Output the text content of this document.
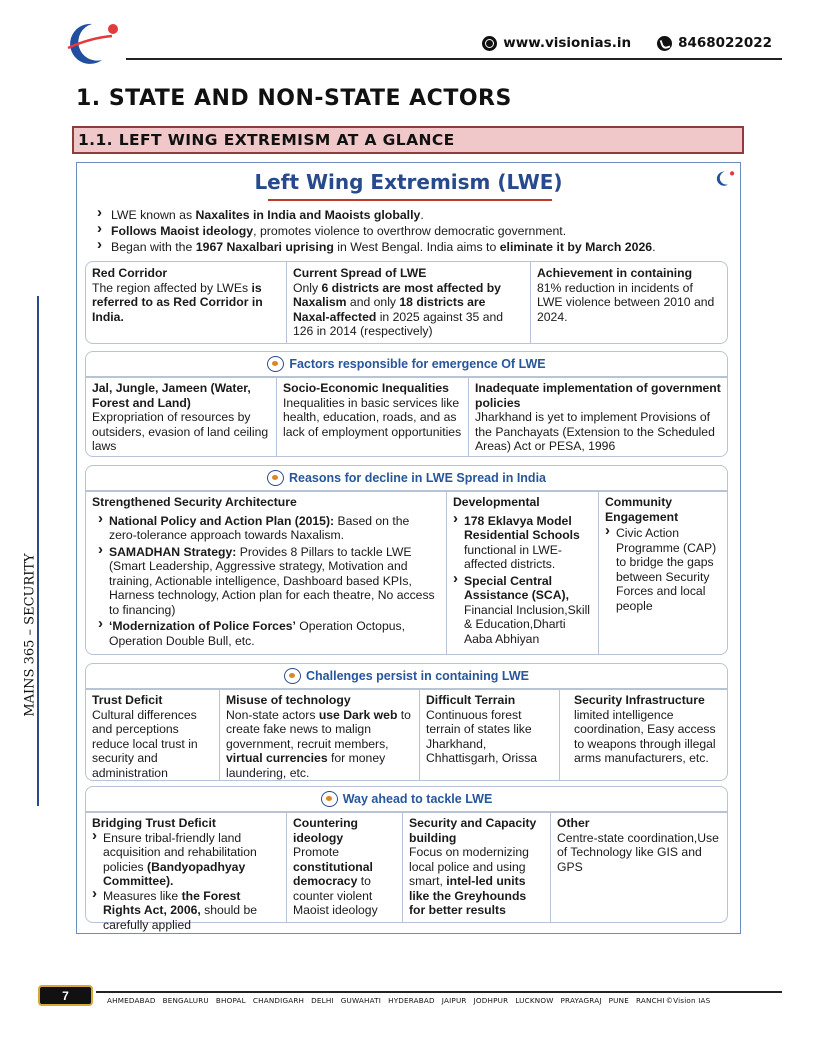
www.visionias.in	8468022022
MAINS 365 – SECURITY
1. STATE AND NON-STATE ACTORS
1.1. LEFT WING EXTREMISM AT A GLANCE
Left Wing Extremism (LWE)
› LWE known as Naxalites in India and Maoists globally.
› Follows Maoist ideology, promotes violence to overthrow democratic government.
› Began with the 1967 Naxalbari uprising in West Bengal. India aims to eliminate it by March 2026.
Red Corridor
The region affected by LWEs is referred to as Red Corridor in India.
Current Spread of LWE
Only 6 districts are most affected by Naxalism and only 18 districts are Naxal-affected in 2025 against 35 and 126 in 2014 (respectively)
Achievement in containing
81% reduction in incidents of LWE violence between 2010 and 2024.
Factors responsible for emergence Of LWE
Jal, Jungle, Jameen (Water, Forest and Land)
Expropriation of resources by outsiders, evasion of land ceiling laws
Socio-Economic Inequalities
Inequalities in basic services like health, education, roads, and as lack of employment opportunities
Inadequate implementation of government policies
Jharkhand is yet to implement Provisions of the Panchayats (Extension to the Scheduled Areas) Act or PESA, 1996
Reasons for decline in LWE Spread in India
Strengthened Security Architecture
› National Policy and Action Plan (2015): Based on the zero-tolerance approach towards Naxalism.
› SAMADHAN Strategy: Provides 8 Pillars to tackle LWE (Smart Leadership, Aggressive strategy, Motivation and training, Actionable intelligence, Dashboard based KPIs, Harness technology, Action plan for each theatre, No access to financing)
› ‘Modernization of Police Forces’ Operation Octopus, Operation Double Bull, etc.
Developmental
› 178 Eklavya Model Residential Schools functional in LWE-affected districts.
› Special Central Assistance (SCA), Financial Inclusion,Skill & Education,Dharti Aaba Abhiyan
Community Engagement
› Civic Action Programme (CAP) to bridge the gaps between Security Forces and local people
Challenges persist in containing LWE
Trust Deficit
Cultural differences and perceptions reduce local trust in security and administration
Misuse of technology
Non-state actors use Dark web to create fake news to malign government, recruit members, virtual currencies for money laundering, etc.
Difficult Terrain
Continuous forest terrain of states like Jharkhand, Chhattisgarh, Orissa
Security Infrastructure
limited intelligence coordination, Easy access to weapons through illegal arms manufacturers, etc.
Way ahead to tackle LWE
Bridging Trust Deficit
› Ensure tribal-friendly land acquisition and rehabilitation policies (Bandyopadhyay Committee).
› Measures like the Forest Rights Act, 2006, should be carefully applied
Countering ideology
Promote constitutional democracy to counter violent Maoist ideology
Security and Capacity building
Focus on modernizing local police and using smart, intel-led units like the Greyhounds for better results
Other
Centre-state coordination,Use of Technology like GIS and GPS
7	AHMEDABAD BENGALURU BHOPAL CHANDIGARH DELHI GUWAHATI HYDERABAD JAIPUR JODHPUR LUCKNOW PRAYAGRAJ PUNE RANCHI©Vision IAS
